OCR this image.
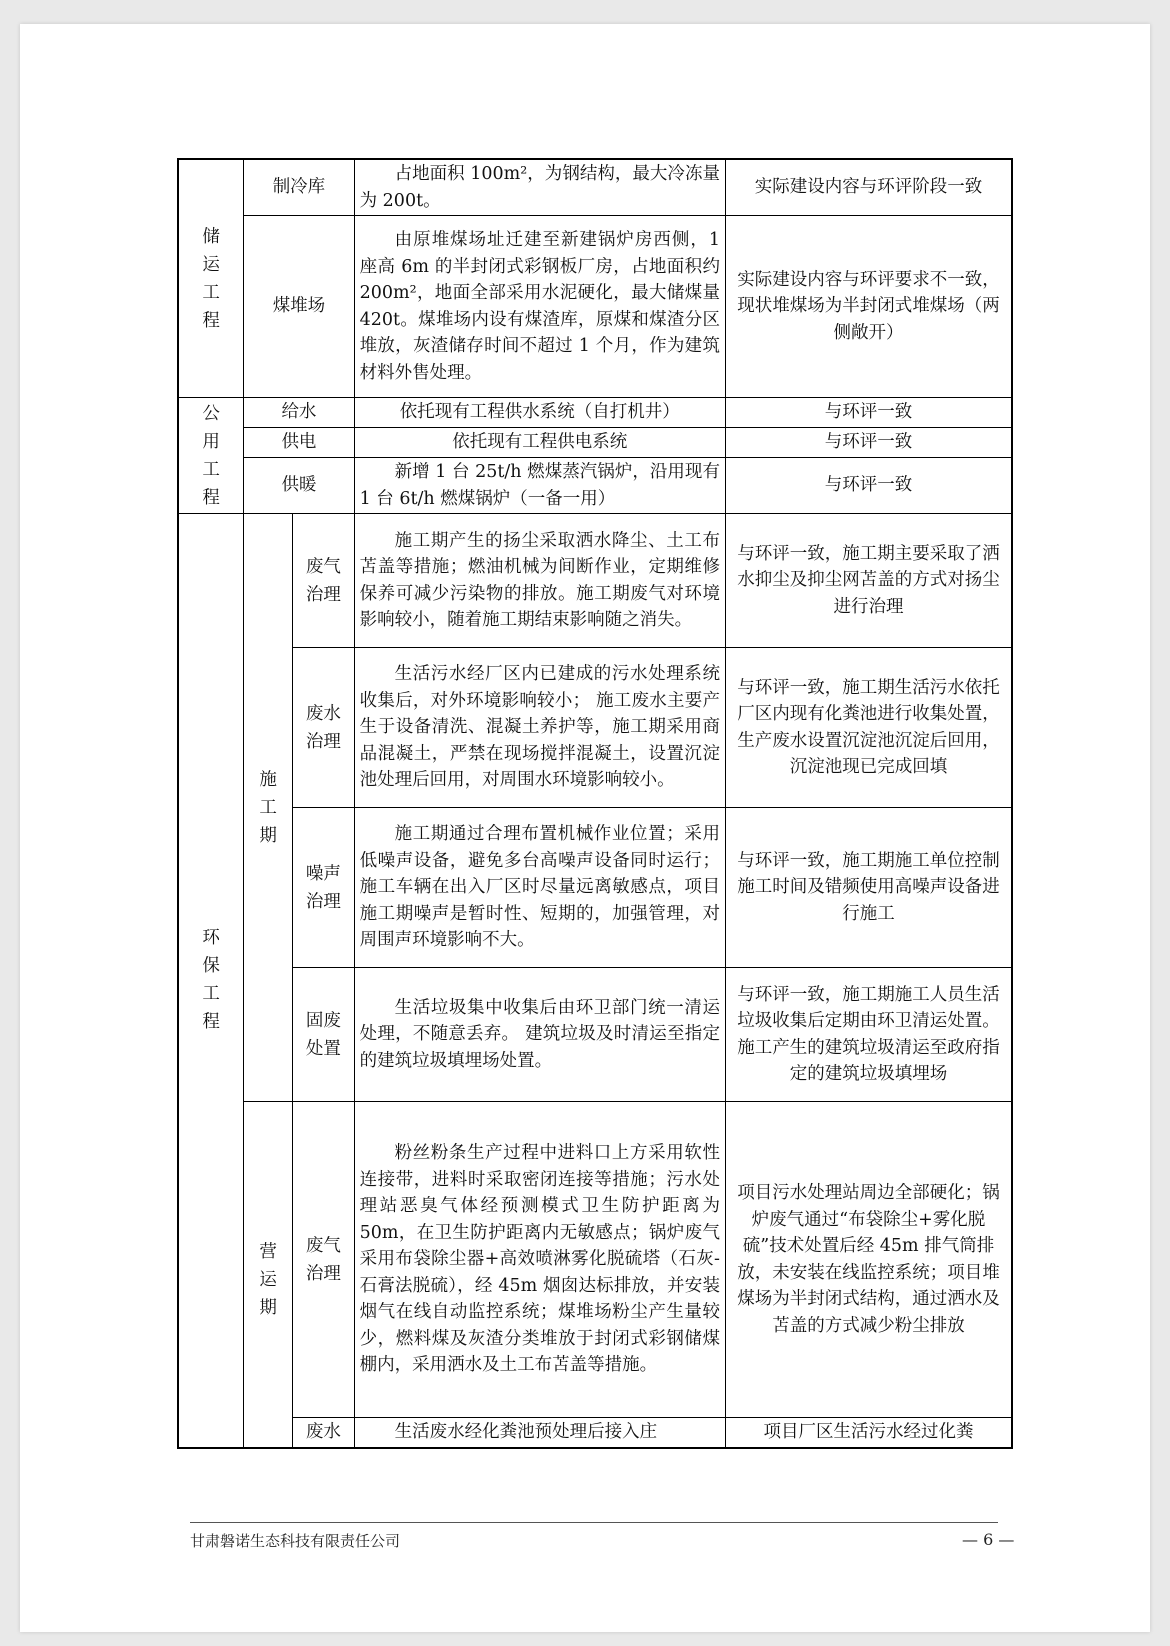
储运工程	制冷库		占地面积 100m²，为钢结构，最大冷冻量为 200t。	实际建设内容与环评阶段一致
	煤堆场		由原堆煤场址迁建至新建锅炉房西侧，1 座高 6m 的半封闭式彩钢板厂房，占地面积约 200m²，地面全部采用水泥硬化，最大储煤量 420t。煤堆场内设有煤渣库，原煤和煤渣分区堆放，灰渣储存时间不超过 1 个月，作为建筑材料外售处理。	实际建设内容与环评要求不一致，现状堆煤场为半封闭式堆煤场（两侧敞开）
公用工程	给水		依托现有工程供水系统（自打机井）	与环评一致
	供电		依托现有工程供电系统	与环评一致
	供暖		新增 1 台 25t/h 燃煤蒸汽锅炉，沿用现有 1 台 6t/h 燃煤锅炉（一备一用）	与环评一致
环保工程	施工期	废气治理	施工期产生的扬尘采取洒水降尘、土工布苫盖等措施；燃油机械为间断作业，定期维修保养可减少污染物的排放。施工期废气对环境影响较小，随着施工期结束影响随之消失。	与环评一致，施工期主要采取了洒水抑尘及抑尘网苫盖的方式对扬尘进行治理
		废水治理	生活污水经厂区内已建成的污水处理系统收集后，对外环境影响较小； 施工废水主要产生于设备清洗、混凝土养护等，施工期采用商品混凝土，严禁在现场搅拌混凝土，设置沉淀池处理后回用，对周围水环境影响较小。	与环评一致，施工期生活污水依托厂区内现有化粪池进行收集处置，生产废水设置沉淀池沉淀后回用，沉淀池现已完成回填
		噪声治理	施工期通过合理布置机械作业位置；采用低噪声设备，避免多台高噪声设备同时运行；施工车辆在出入厂区时尽量远离敏感点，项目施工期噪声是暂时性、短期的，加强管理，对周围声环境影响不大。	与环评一致，施工期施工单位控制施工时间及错频使用高噪声设备进行施工
		固废处置	生活垃圾集中收集后由环卫部门统一清运处理，不随意丢弃。 建筑垃圾及时清运至指定的建筑垃圾填埋场处置。	与环评一致，施工期施工人员生活垃圾收集后定期由环卫清运处置。施工产生的建筑垃圾清运至政府指定的建筑垃圾填埋场
	营运期	废气治理	粉丝粉条生产过程中进料口上方采用软性连接带，进料时采取密闭连接等措施；污水处理站恶臭气体经预测模式卫生防护距离为 50m，在卫生防护距离内无敏感点；锅炉废气采用布袋除尘器+高效喷淋雾化脱硫塔（石灰-石膏法脱硫），经 45m 烟囱达标排放，并安装烟气在线自动监控系统；煤堆场粉尘产生量较少，燃料煤及灰渣分类堆放于封闭式彩钢储煤棚内，采用洒水及土工布苫盖等措施。	项目污水处理站周边全部硬化；锅炉废气通过“布袋除尘+雾化脱硫”技术处置后经 45m 排气筒排放，未安装在线监控系统；项目堆煤场为半封闭式结构，通过洒水及苫盖的方式减少粉尘排放
		废水	生活废水经化粪池预处理后接入庄	项目厂区生活污水经过化粪
甘肃磐诺生态科技有限责任公司	— 6 —
